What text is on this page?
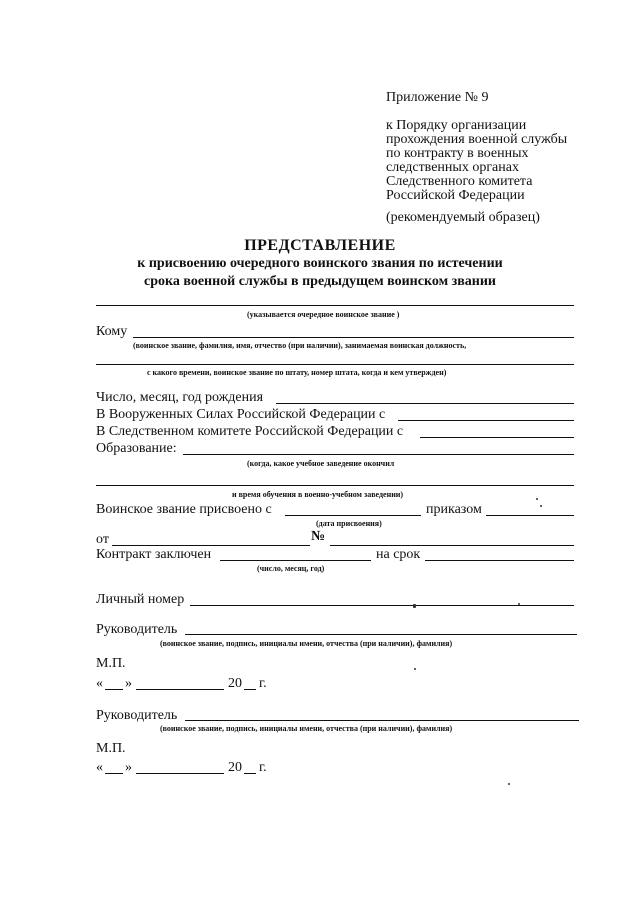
Приложение № 9
к Порядку организации
прохождения военной службы
по контракту в военных
следственных органах
Следственного комитета
Российской Федерации
(рекомендуемый образец)
ПРЕДСТАВЛЕНИЕ
к присвоению очередного воинского звания по истечении
срока военной службы в предыдущем воинском звании
(указывается очередное воинское звание )
Кому
(воинское звание, фамилия, имя, отчество (при наличии), занимаемая воинская должность,
с какого времени, воинское звание по штату, номер штата, когда и кем утвержден)
Число, месяц, год рождения
В Вооруженных Силах Российской Федерации с
В Следственном комитете Российской Федерации с
Образование:
(когда, какое учебное заведение окончил
и время обучения в военно-учебном заведении)
Воинское звание присвоено с	приказом
(дата присвоения)
от	№
Контракт заключен	на срок
(число, месяц, год)
Личный номер
Руководитель
(воинское звание, подпись, инициалы имени, отчества (при наличии), фамилия)
М.П.
« »	20 г.
Руководитель
(воинское звание, подпись, инициалы имени, отчества (при наличии), фамилия)
М.П.
« »	20 г.
